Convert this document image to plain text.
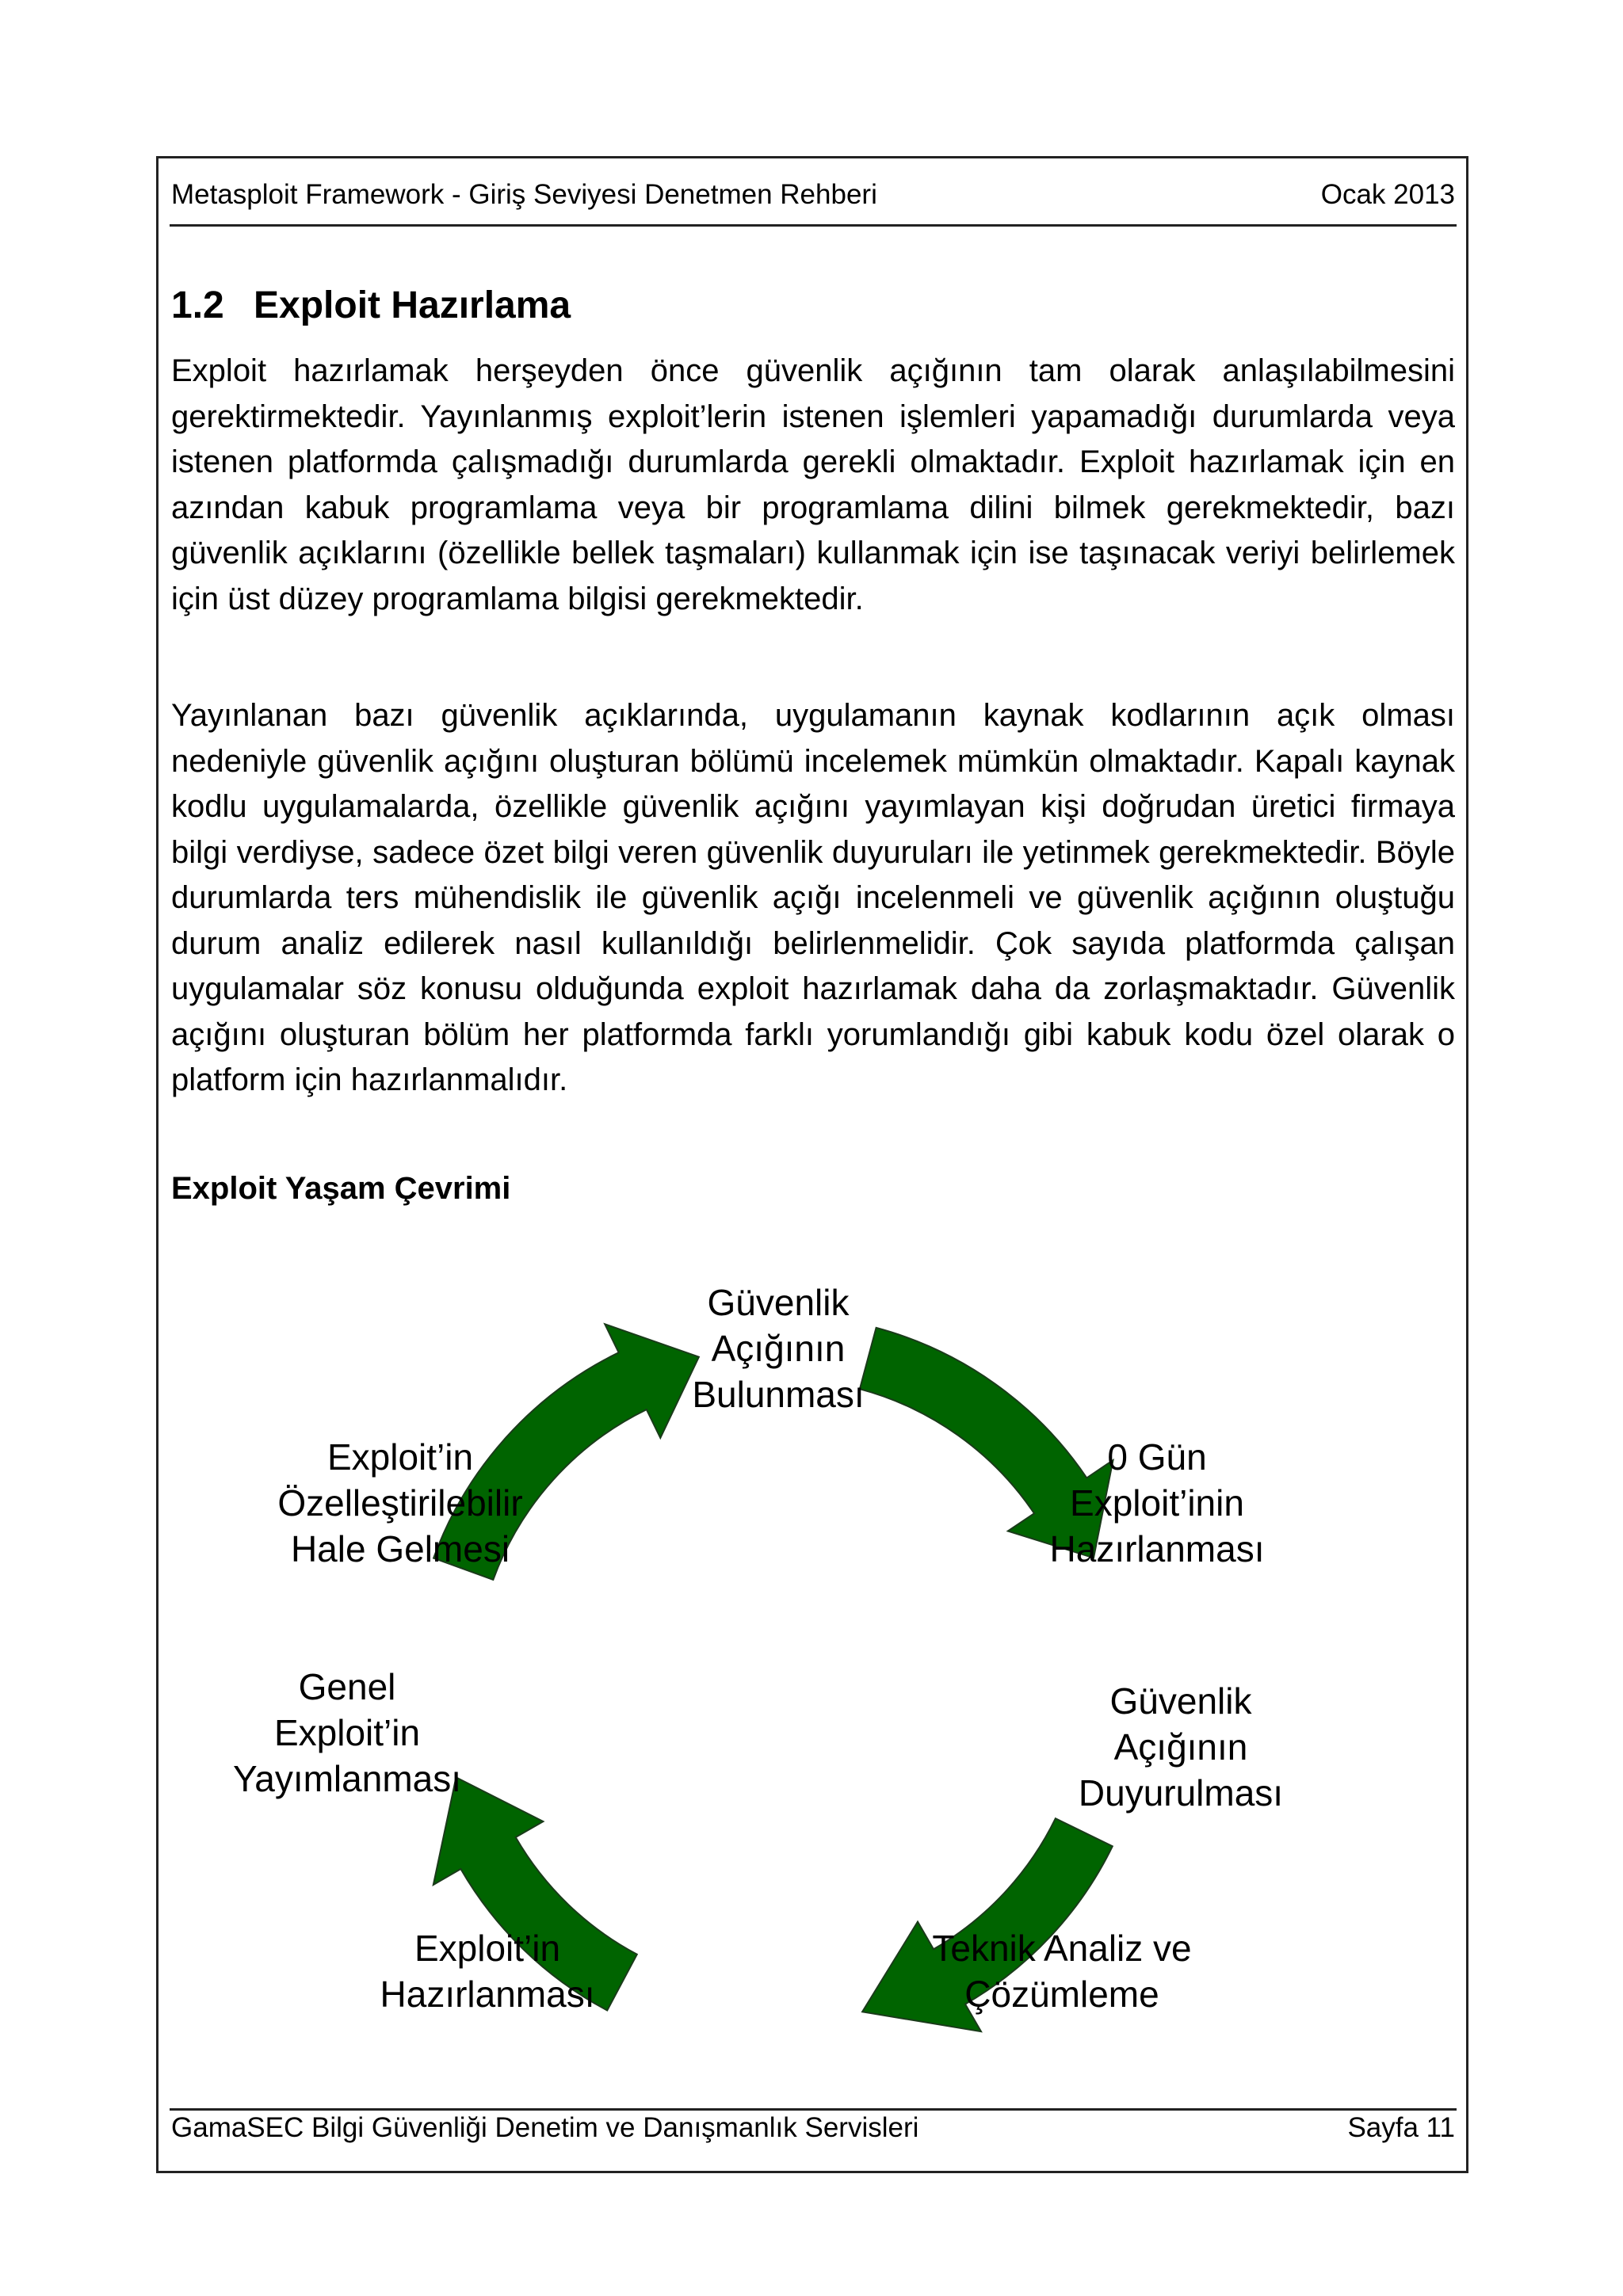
Metasploit Framework - Giriş Seviyesi Denetmen Rehberi	Ocak 2013
1.2 Exploit Hazırlama

Exploit hazırlamak herşeyden önce güvenlik açığının tam olarak anlaşılabilmesini gerektirmektedir. Yayınlanmış exploit’lerin istenen işlemleri yapamadığı durumlarda veya istenen platformda çalışmadığı durumlarda gerekli olmaktadır. Exploit hazırlamak için en azından kabuk programlama veya bir programlama dilini bilmek gerekmektedir, bazı güvenlik açıklarını (özellikle bellek taşmaları) kullanmak için ise taşınacak veriyi belirlemek için üst düzey programlama bilgisi gerekmektedir.

Yayınlanan bazı güvenlik açıklarında, uygulamanın kaynak kodlarının açık olması nedeniyle güvenlik açığını oluşturan bölümü incelemek mümkün olmaktadır. Kapalı kaynak kodlu uygulamalarda, özellikle güvenlik açığını yayımlayan kişi doğrudan üretici firmaya bilgi verdiyse, sadece özet bilgi veren güvenlik duyuruları ile yetinmek gerekmektedir. Böyle durumlarda ters mühendislik ile güvenlik açığı incelenmeli ve güvenlik açığının oluştuğu durum analiz edilerek nasıl kullanıldığı belirlenmelidir. Çok sayıda platformda çalışan uygulamalar söz konusu olduğunda exploit hazırlamak daha da zorlaşmaktadır. Güvenlik açığını oluşturan bölüm her platformda farklı yorumlandığı gibi kabuk kodu özel olarak o platform için hazırlanmalıdır.

Exploit Yaşam Çevrimi
Güvenlik
Açığının
Bulunması
0 Gün
Exploit’inin
Hazırlanması
Güvenlik
Açığının
Duyurulması
Teknik Analiz ve
Çözümleme
Exploit’in
Hazırlanması
Genel
Exploit’in
Yayımlanması
Exploit’in
Özelleştirilebilir
Hale Gelmesi
GamaSEC Bilgi Güvenliği Denetim ve Danışmanlık Servisleri	Sayfa 11
